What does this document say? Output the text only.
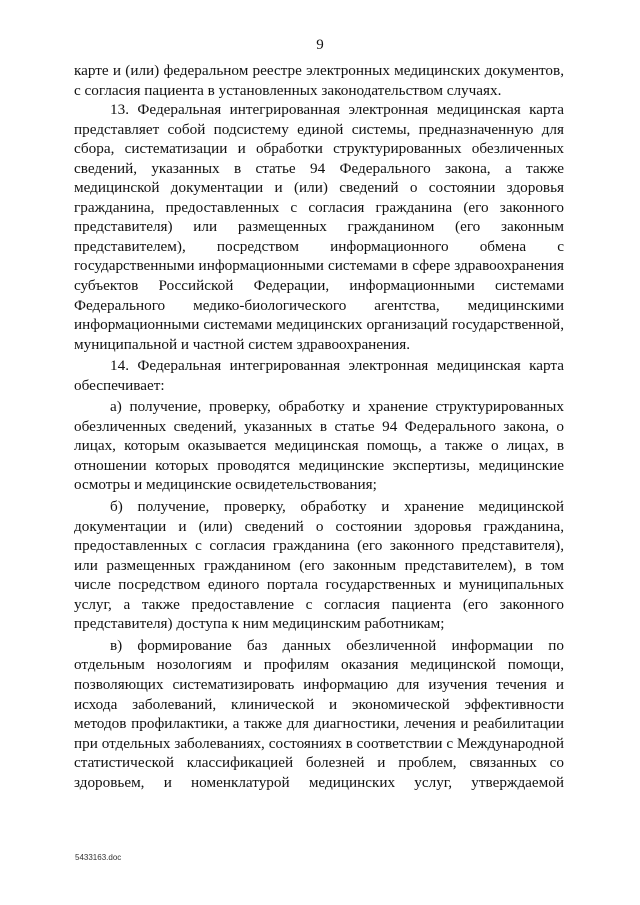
9

карте и (или) федеральном реестре электронных медицинских документов, с согласия пациента в установленных законодательством случаях.

13. Федеральная интегрированная электронная медицинская карта представляет собой подсистему единой системы, предназначенную для сбора, систематизации и обработки структурированных обезличенных сведений, указанных в статье 94 Федерального закона, а также медицинской документации и (или) сведений о состоянии здоровья гражданина, предоставленных с согласия гражданина (его законного представителя) или размещенных гражданином (его законным представителем), посредством информационного обмена с государственными информационными системами в сфере здравоохранения субъектов Российской Федерации, информационными системами Федерального медико-биологического агентства, медицинскими информационными системами медицинских организаций государственной, муниципальной и частной систем здравоохранения.

14. Федеральная интегрированная электронная медицинская карта обеспечивает:

а) получение, проверку, обработку и хранение структурированных обезличенных сведений, указанных в статье 94 Федерального закона, о лицах, которым оказывается медицинская помощь, а также о лицах, в отношении которых проводятся медицинские экспертизы, медицинские осмотры и медицинские освидетельствования;

б) получение, проверку, обработку и хранение медицинской документации и (или) сведений о состоянии здоровья гражданина, предоставленных с согласия гражданина (его законного представителя), или размещенных гражданином (его законным представителем), в том числе посредством единого портала государственных и муниципальных услуг, а также предоставление с согласия пациента (его законного представителя) доступа к ним медицинским работникам;

в) формирование баз данных обезличенной информации по отдельным нозологиям и профилям оказания медицинской помощи, позволяющих систематизировать информацию для изучения течения и исхода заболеваний, клинической и экономической эффективности методов профилактики, а также для диагностики, лечения и реабилитации при отдельных заболеваниях, состояниях в соответствии с Международной статистической классификацией болезней и проблем, связанных со здоровьем, и номенклатурой медицинских услуг, утверждаемой

5433163.doc
